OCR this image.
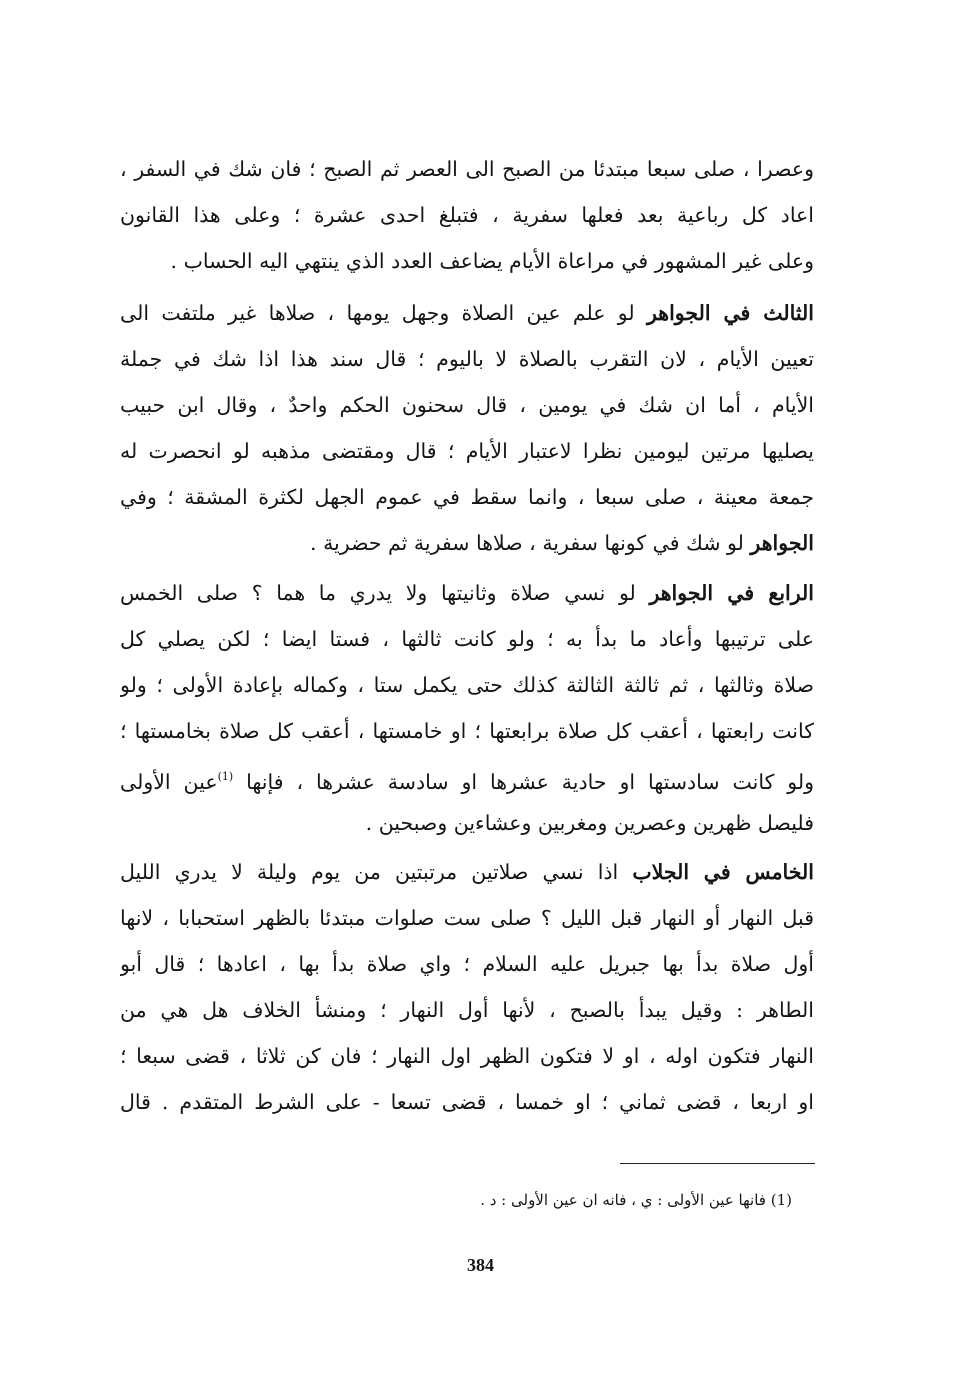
وعصرا ، صلى سبعا مبتدئا من الصبح الى العصر ثم الصبح ؛ فان شك في السفر ،
اعاد كل رباعية بعد فعلها سفرية ، فتبلغ احدى عشرة ؛ وعلى هذا القانون
وعلى غير المشهور في مراعاة الأيام يضاعف العدد الذي ينتهي اليه الحساب .
الثالث في الجواهر لو علم عين الصلاة وجهل يومها ، صلاها غير ملتفت الى
تعيين الأيام ، لان التقرب بالصلاة لا باليوم ؛ قال سند هذا اذا شك في جملة
الأيام ، أما ان شك في يومين ، قال سحنون الحكم واحدٌ ، وقال ابن حبيب
يصليها مرتين ليومين نظرا لاعتبار الأيام ؛ قال ومقتضى مذهبه لو انحصرت له
جمعة معينة ، صلى سبعا ، وانما سقط في عموم الجهل لكثرة المشقة ؛ وفي
الجواهر لو شك في كونها سفرية ، صلاها سفرية ثم حضرية .
الرابع في الجواهر لو نسي صلاة وثانيتها ولا يدري ما هما ؟ صلى الخمس
على ترتيبها وأعاد ما بدأ به ؛ ولو كانت ثالثها ، فستا ايضا ؛ لكن يصلي كل
صلاة وثالثها ، ثم ثالثة الثالثة كذلك حتى يكمل ستا ، وكماله بإعادة الأولى ؛ ولو
كانت رابعتها ، أعقب كل صلاة برابعتها ؛ او خامستها ، أعقب كل صلاة بخامستها ؛
ولو كانت سادستها او حادية عشرها او سادسة عشرها ، فإنها $^{(1)}$عين الأولى
فليصل ظهرين وعصرين ومغربين وعشاءين وصبحين .
الخامس في الجلاب اذا نسي صلاتين مرتبتين من يوم وليلة لا يدري الليل
قبل النهار أو النهار قبل الليل ؟ صلى ست صلوات مبتدئا بالظهر استحبابا ، لانها
أول صلاة بدأ بها جبريل عليه السلام ؛ واي صلاة بدأ بها ، اعادها ؛ قال أبو
الطاهر : وقيل يبدأ بالصبح ، لأنها أول النهار ؛ ومنشأ الخلاف هل هي من
النهار فتكون اوله ، او لا فتكون الظهر اول النهار ؛ فان كن ثلاثا ، قضى سبعا ؛
او اربعا ، قضى ثماني ؛ او خمسا ، قضى تسعا - على الشرط المتقدم . قال
(1) فانها عين الأولى : ي ، فانه ان عين الأولى : د .
384
